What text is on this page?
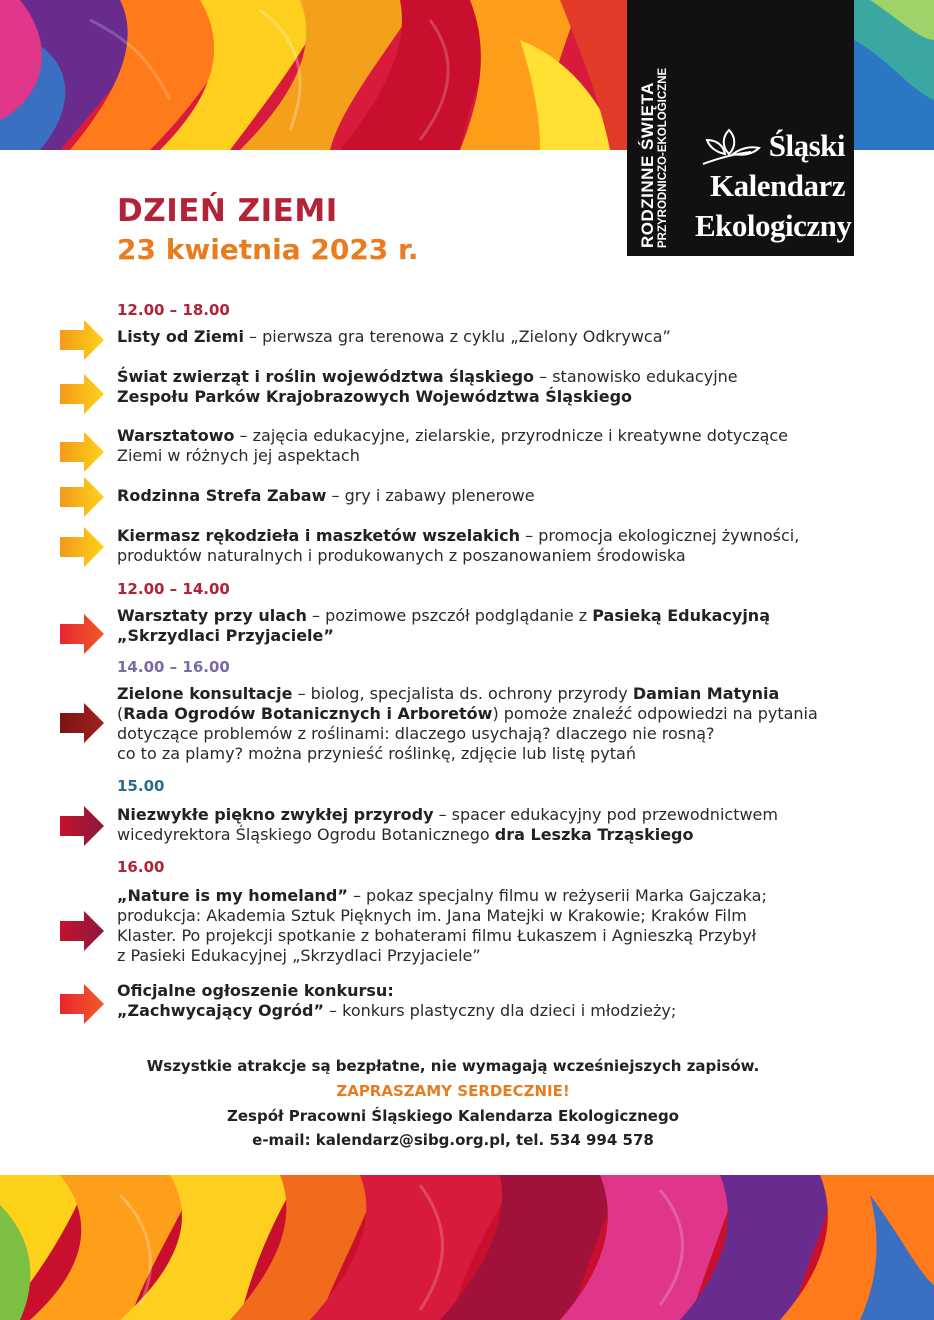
RODZINNE ŚWIĘTA PRZYRODNICZO-EKOLOGICZNE	Śląski
Kalendarz
Ekologiczny
DZIEŃ ZIEMI
23 kwietnia 2023 r.
12.00 – 18.00
Listy od Ziemi – pierwsza gra terenowa z cyklu „Zielony Odkrywca”
Świat zwierząt i roślin województwa śląskiego – stanowisko edukacyjne
Zespołu Parków Krajobrazowych Województwa Śląskiego
Warsztatowo – zajęcia edukacyjne, zielarskie, przyrodnicze i kreatywne dotyczące
Ziemi w różnych jej aspektach
Rodzinna Strefa Zabaw – gry i zabawy plenerowe
Kiermasz rękodzieła i maszketów wszelakich – promocja ekologicznej żywności,
produktów naturalnych i produkowanych z poszanowaniem środowiska
12.00 – 14.00
Warsztaty przy ulach – pozimowe pszczół podglądanie z Pasieką Edukacyjną
„Skrzydlaci Przyjaciele”
14.00 – 16.00
Zielone konsultacje – biolog, specjalista ds. ochrony przyrody Damian Matynia
(Rada Ogrodów Botanicznych i Arboretów) pomoże znaleźć odpowiedzi na pytania
dotyczące problemów z roślinami: dlaczego usychają? dlaczego nie rosną?
co to za plamy? można przynieść roślinkę, zdjęcie lub listę pytań
15.00
Niezwykłe piękno zwykłej przyrody – spacer edukacyjny pod przewodnictwem
wicedyrektora Śląskiego Ogrodu Botanicznego dra Leszka Trząskiego
16.00
„Nature is my homeland” – pokaz specjalny filmu w reżyserii Marka Gajczaka;
produkcja: Akademia Sztuk Pięknych im. Jana Matejki w Krakowie; Kraków Film
Klaster. Po projekcji spotkanie z bohaterami filmu Łukaszem i Agnieszką Przybył
z Pasieki Edukacyjnej „Skrzydlaci Przyjaciele”
Oficjalne ogłoszenie konkursu:
„Zachwycający Ogród” – konkurs plastyczny dla dzieci i młodzieży;
Wszystkie atrakcje są bezpłatne, nie wymagają wcześniejszych zapisów.
ZAPRASZAMY SERDECZNIE!
Zespół Pracowni Śląskiego Kalendarza Ekologicznego
e-mail: kalendarz@sibg.org.pl, tel. 534 994 578
